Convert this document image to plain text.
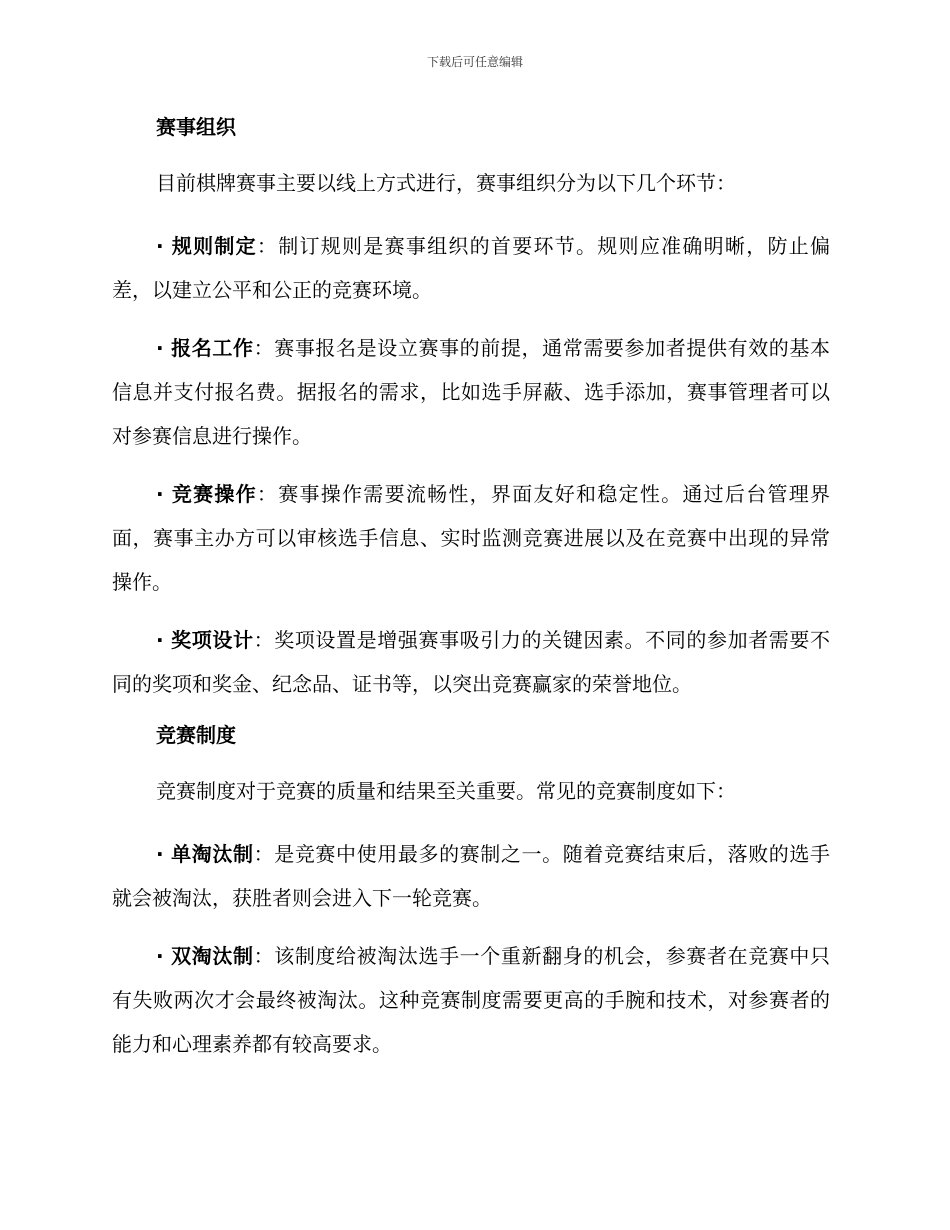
下载后可任意编辑
赛事组织
目前棋牌赛事主要以线上方式进行，赛事组织分为以下几个环节：
· 规则制定：制订规则是赛事组织的首要环节。规则应准确明晰，防止偏差，以建立公平和公正的竞赛环境。
· 报名工作：赛事报名是设立赛事的前提，通常需要参加者提供有效的基本信息并支付报名费。据报名的需求，比如选手屏蔽、选手添加，赛事管理者可以对参赛信息进行操作。
· 竞赛操作：赛事操作需要流畅性，界面友好和稳定性。通过后台管理界面，赛事主办方可以审核选手信息、实时监测竞赛进展以及在竞赛中出现的异常操作。
· 奖项设计：奖项设置是增强赛事吸引力的关键因素。不同的参加者需要不同的奖项和奖金、纪念品、证书等，以突出竞赛赢家的荣誉地位。
竞赛制度
竞赛制度对于竞赛的质量和结果至关重要。常见的竞赛制度如下：
· 单淘汰制：是竞赛中使用最多的赛制之一。随着竞赛结束后，落败的选手就会被淘汰，获胜者则会进入下一轮竞赛。
· 双淘汰制：该制度给被淘汰选手一个重新翻身的机会，参赛者在竞赛中只有失败两次才会最终被淘汰。这种竞赛制度需要更高的手腕和技术，对参赛者的能力和心理素养都有较高要求。
